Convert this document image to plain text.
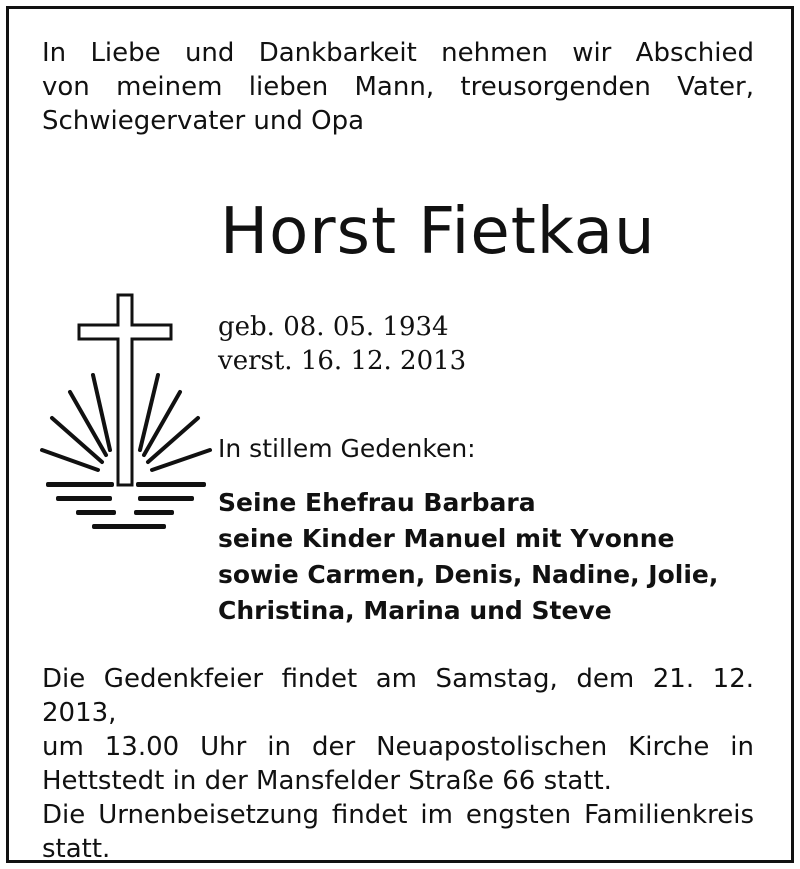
In Liebe und Dankbarkeit nehmen wir Abschied
von meinem lieben Mann, treusorgenden Vater,
Schwiegervater und Opa
Horst Fietkau
geb. 08. 05. 1934
verst. 16. 12. 2013
In stillem Gedenken:
Seine Ehefrau Barbara
seine Kinder Manuel mit Yvonne
sowie Carmen, Denis, Nadine, Jolie,
Christina, Marina und Steve
Die Gedenkfeier findet am Samstag, dem 21. 12. 2013,
um 13.00 Uhr in der Neuapostolischen Kirche in
Hettstedt in der Mansfelder Straße 66 statt.
Die Urnenbeisetzung findet im engsten Familienkreis
statt.
